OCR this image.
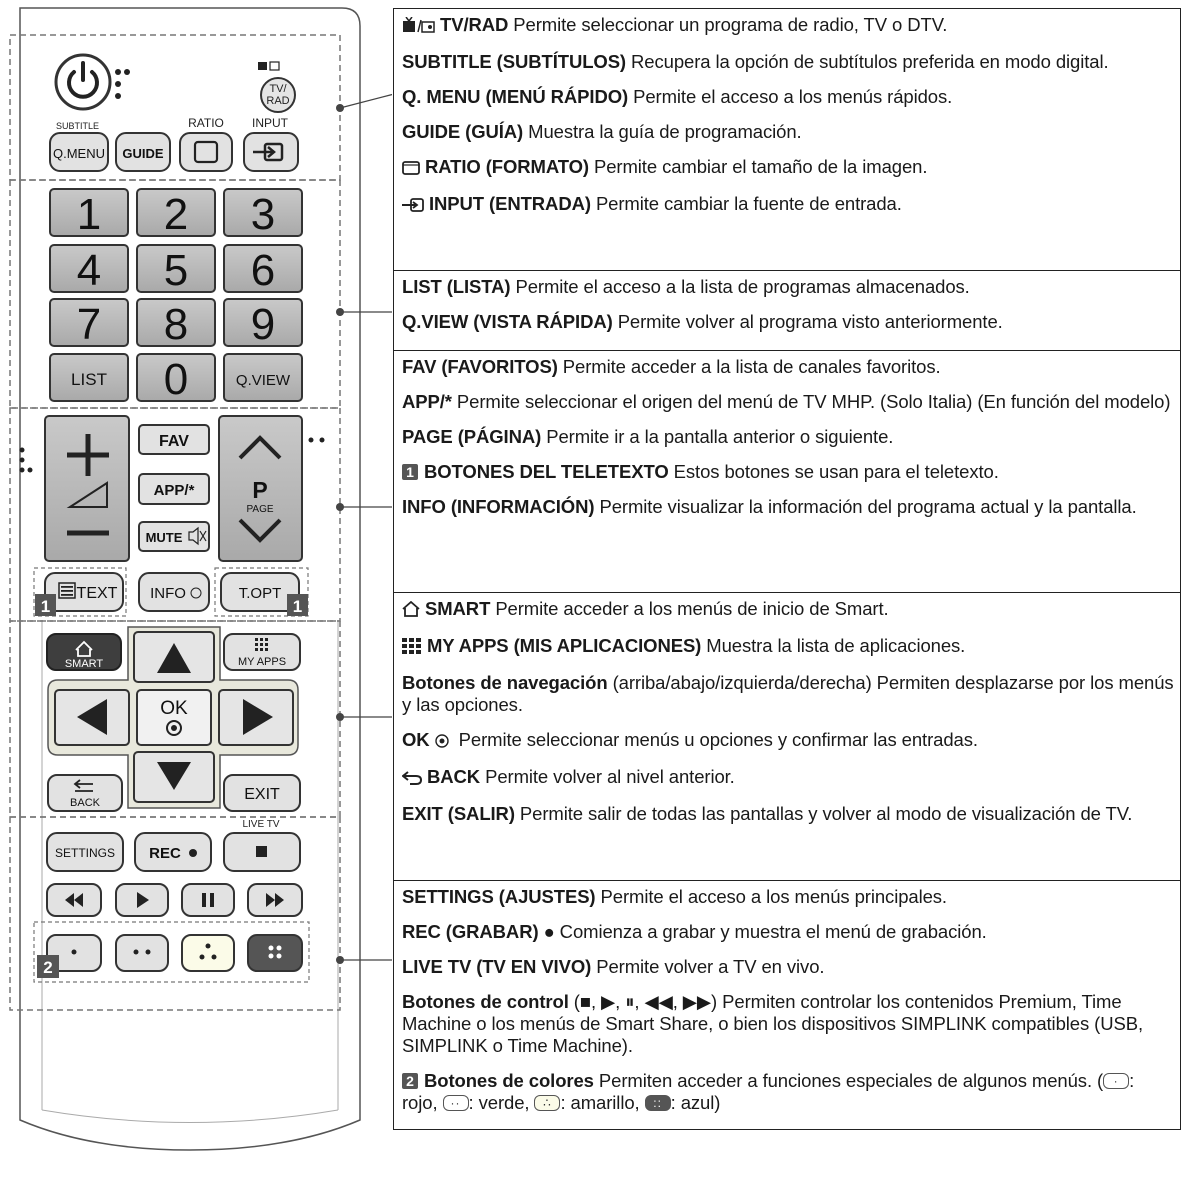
TV/
RAD
SUBTITLE
Q.MENU GUIDE
RATIO INPUT
1 2 3
4 5 6
7 8 9
LIST 0	Q.VIEW
FAV
APP/*
MUTE
P
PAGE
TEXT INFO	T.OPT
1	1
SMART	MY APPS
OK
BACK	EXIT
SETTINGS REC
LIVE TV
2
TV/RAD Permite seleccionar un programa de radio, TV o DTV.
SUBTITLE (SUBTÍTULOS) Recupera la opción de subtítulos preferida en modo digital.
Q. MENU (MENÚ RÁPIDO) Permite el acceso a los menús rápidos.
GUIDE (GUÍA) Muestra la guía de programación.
RATIO (FORMATO) Permite cambiar el tamaño de la imagen.
INPUT (ENTRADA) Permite cambiar la fuente de entrada.

LIST (LISTA) Permite el acceso a la lista de programas almacenados.
Q.VIEW (VISTA RÁPIDA) Permite volver al programa visto anteriormente.

FAV (FAVORITOS) Permite acceder a la lista de canales favoritos.
APP/* Permite seleccionar el origen del menú de TV MHP. (Solo Italia) (En función del modelo)
PAGE (PÁGINA) Permite ir a la pantalla anterior o siguiente.
1 BOTONES DEL TELETEXTO Estos botones se usan para el teletexto.
INFO (INFORMACIÓN) Permite visualizar la información del programa actual y la pantalla.

SMART Permite acceder a los menús de inicio de Smart.
MY APPS (MIS APLICACIONES) Muestra la lista de aplicaciones.
Botones de navegación (arriba/abajo/izquierda/derecha) Permiten desplazarse por los menús y las opciones.
OK  Permite seleccionar menús u opciones y confirmar las entradas.
BACK Permite volver al nivel anterior.
EXIT (SALIR) Permite salir de todas las pantallas y volver al modo de visualización de TV.

SETTINGS (AJUSTES) Permite el acceso a los menús principales.
REC (GRABAR) ● Comienza a grabar y muestra el menú de grabación.
LIVE TV (TV EN VIVO) Permite volver a TV en vivo.
Botones de control (■, ▶, ⏸, ◀◀, ▶▶) Permiten controlar los contenidos Premium, Time Machine o los menús de Smart Share, o bien los dispositivos SIMPLINK compatibles (USB, SIMPLINK o Time Machine).
2 Botones de colores Permiten acceder a funciones especiales de algunos menús. ( · : rojo, ·· : verde, ∴ : amarillo, :: : azul)
